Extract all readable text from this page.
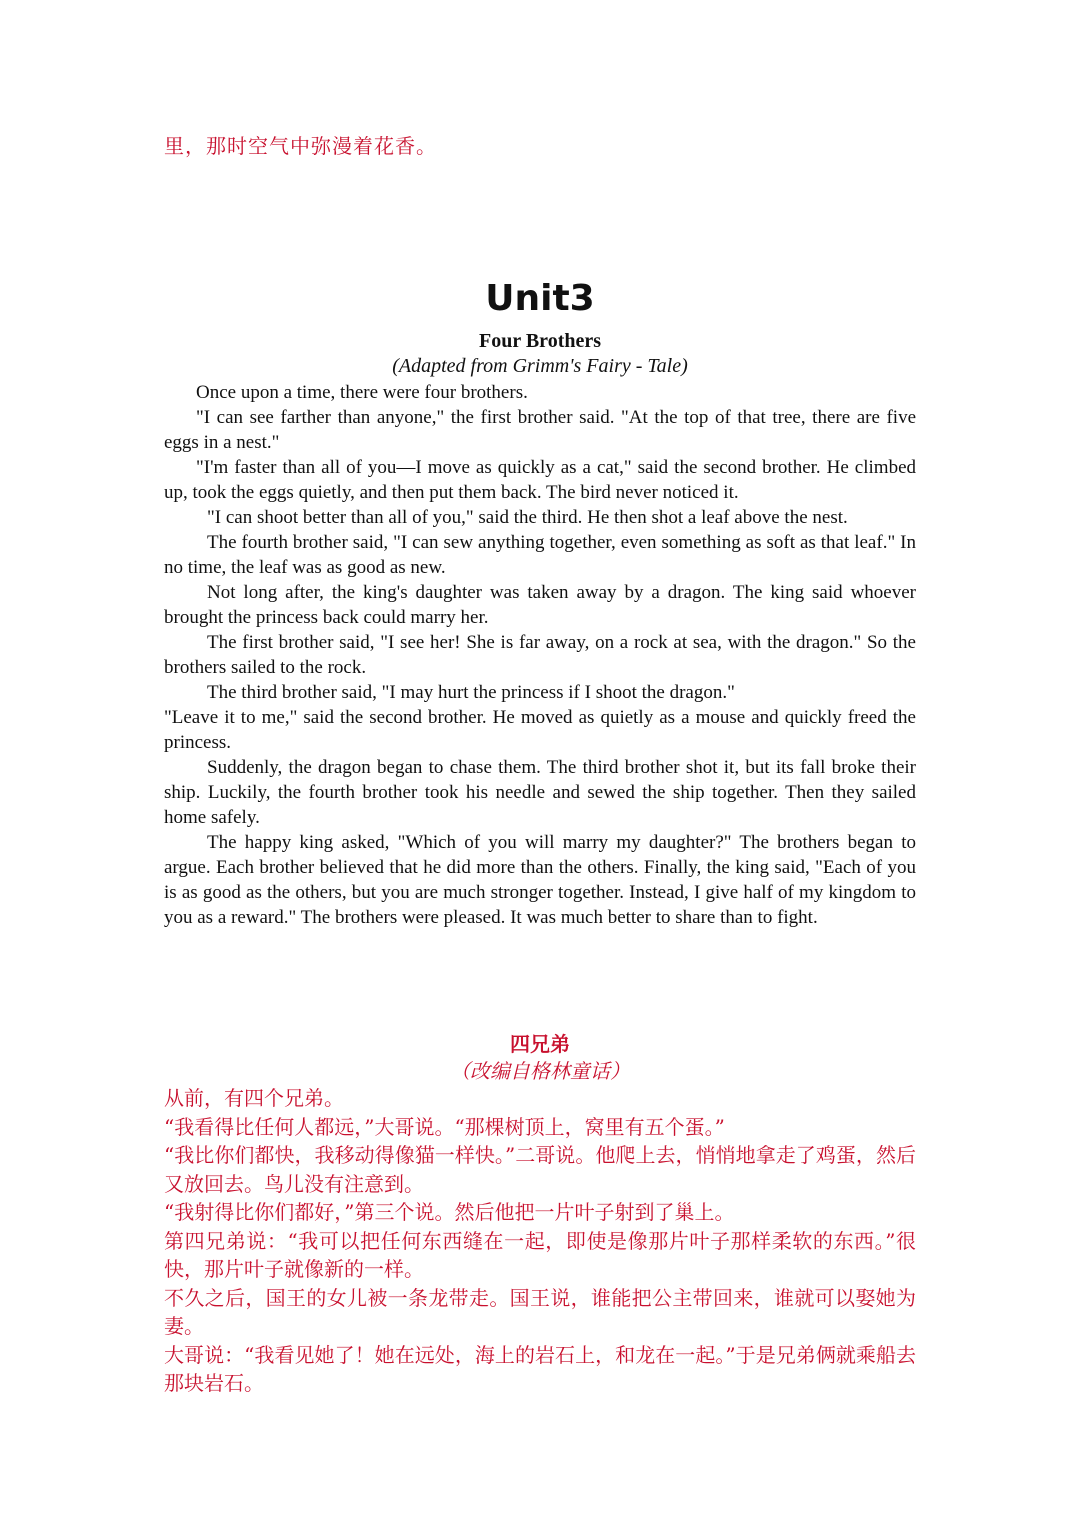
里，那时空气中弥漫着花香。
Unit3
Four Brothers
(Adapted from Grimm's Fairy - Tale)

Once upon a time, there were four brothers.

"I can see farther than anyone," the first brother said. "At the top of that tree, there are five eggs in a nest."

"I'm faster than all of you—I move as quickly as a cat," said the second brother. He climbed up, took the eggs quietly, and then put them back. The bird never noticed it.

"I can shoot better than all of you," said the third. He then shot a leaf above the nest.

The fourth brother said, "I can sew anything together, even something as soft as that leaf." In no time, the leaf was as good as new.

Not long after, the king's daughter was taken away by a dragon. The king said whoever brought the princess back could marry her.

The first brother said, "I see her! She is far away, on a rock at sea, with the dragon." So the brothers sailed to the rock.

The third brother said, "I may hurt the princess if I shoot the dragon."

"Leave it to me," said the second brother. He moved as quietly as a mouse and quickly freed the princess.

Suddenly, the dragon began to chase them. The third brother shot it, but its fall broke their ship. Luckily, the fourth brother took his needle and sewed the ship together. Then they sailed home safely.

The happy king asked, "Which of you will marry my daughter?" The brothers began to argue. Each brother believed that he did more than the others. Finally, the king said, "Each of you is as good as the others, but you are much stronger together. Instead, I give half of my kingdom to you as a reward." The brothers were pleased. It was much better to share than to fight.

四兄弟
（改编自格林童话）

从前，有四个兄弟。

“我看得比任何人都远，”大哥说。“那棵树顶上，窝里有五个蛋。”

“我比你们都快，我移动得像猫一样快。”二哥说。他爬上去，悄悄地拿走了鸡蛋，然后又放回去。鸟儿没有注意到。

“我射得比你们都好，”第三个说。然后他把一片叶子射到了巢上。

第四兄弟说：“我可以把任何东西缝在一起，即使是像那片叶子那样柔软的东西。”很快，那片叶子就像新的一样。

不久之后，国王的女儿被一条龙带走。国王说，谁能把公主带回来，谁就可以娶她为妻。

大哥说：“我看见她了！她在远处，海上的岩石上，和龙在一起。”于是兄弟俩就乘船去那块岩石。
